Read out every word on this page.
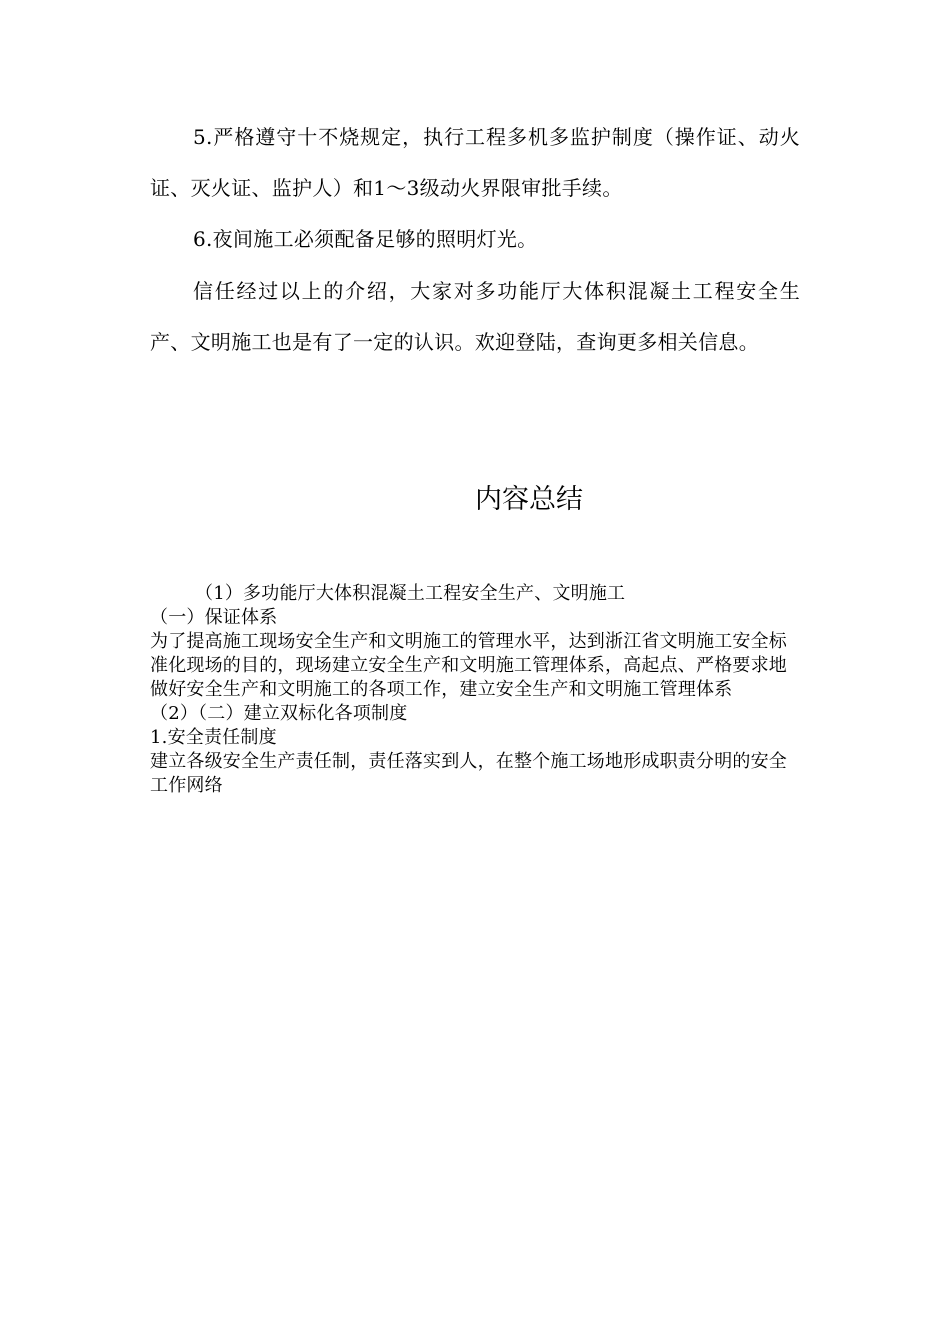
5.严格遵守十不烧规定，执行工程多机多监护制度（操作证、动火证、灭火证、监护人）和1～3级动火界限审批手续。

6.夜间施工必须配备足够的照明灯光。

信任经过以上的介绍，大家对多功能厅大体积混凝土工程安全生产、文明施工也是有了一定的认识。欢迎登陆，查询更多相关信息。

内容总结
（1）多功能厅大体积混凝土工程安全生产、文明施工
（一）保证体系
为了提高施工现场安全生产和文明施工的管理水平，达到浙江省文明施工安全标准化现场的目的，现场建立安全生产和文明施工管理体系，高起点、严格要求地做好安全生产和文明施工的各项工作，建立安全生产和文明施工管理体系
（2）（二）建立双标化各项制度
1.安全责任制度
建立各级安全生产责任制，责任落实到人，在整个施工场地形成职责分明的安全工作网络
